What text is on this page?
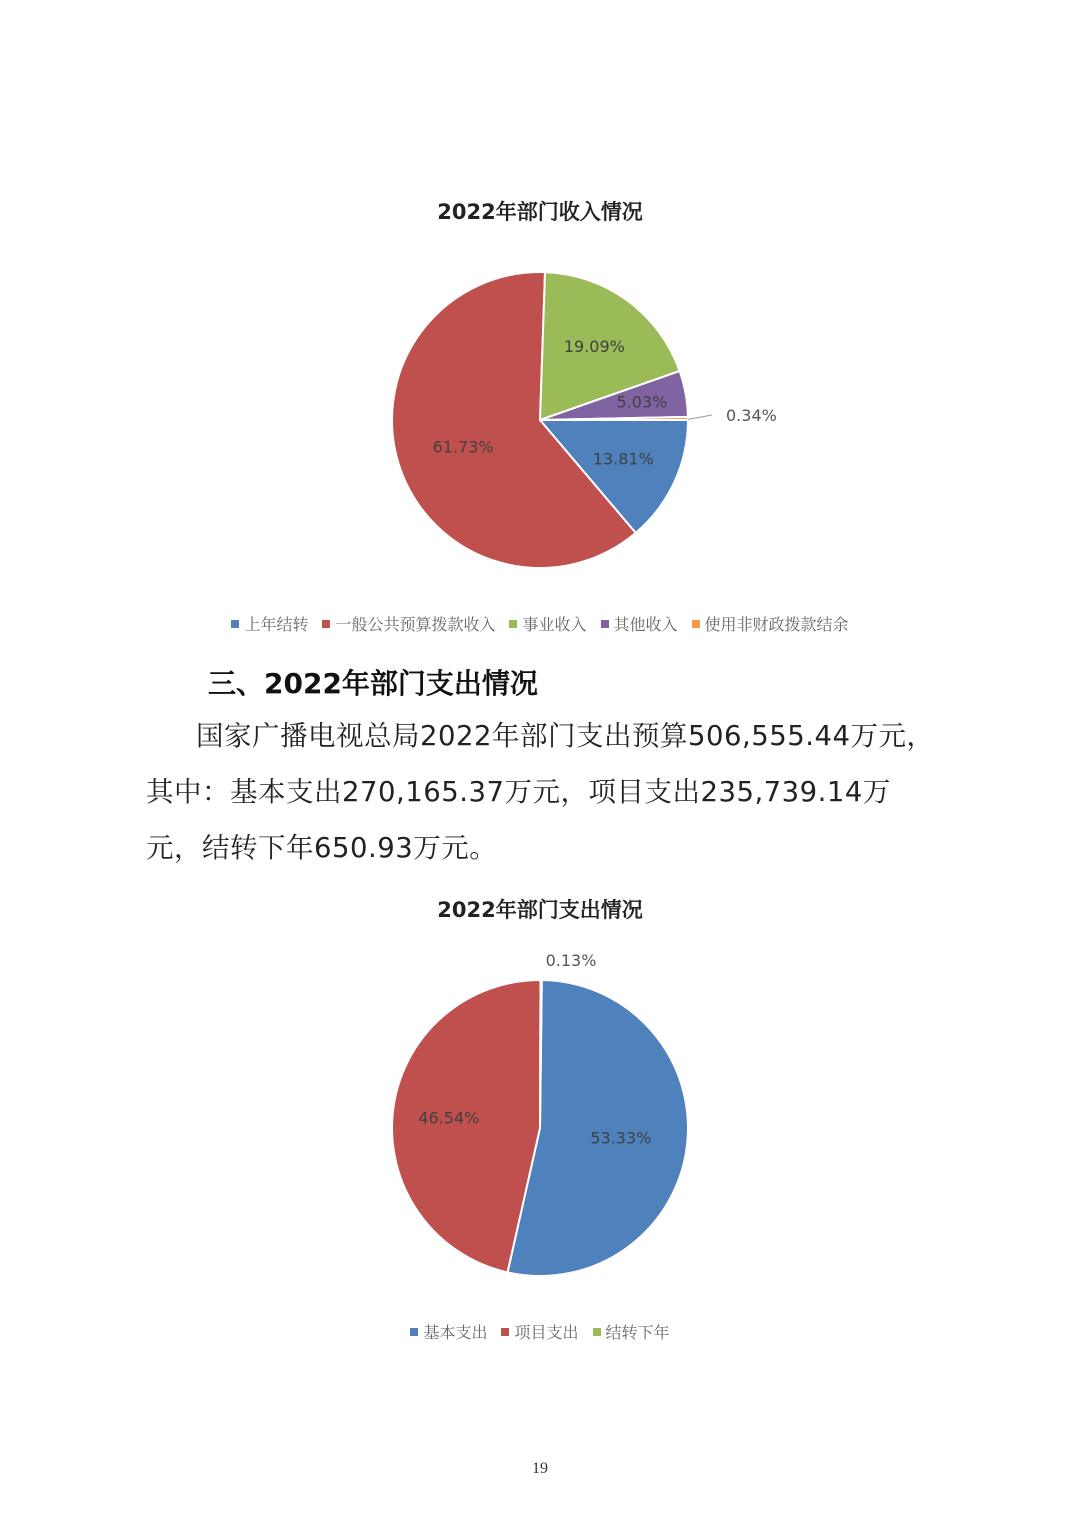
2022年部门收入情况
13.81%
61.73%
19.09%
5.03%
0.34%
上年结转 一般公共预算拨款收入 事业收入 其他收入 使用非财政拨款结余
三、2022年部门支出情况
国家广播电视总局2022年部门支出预算506,555.44万元，其中：基本支出270,165.37万元，项目支出235,739.14万元，结转下年650.93万元。
2022年部门支出情况
53.33%
46.54%
0.13%
基本支出 项目支出 结转下年
19
